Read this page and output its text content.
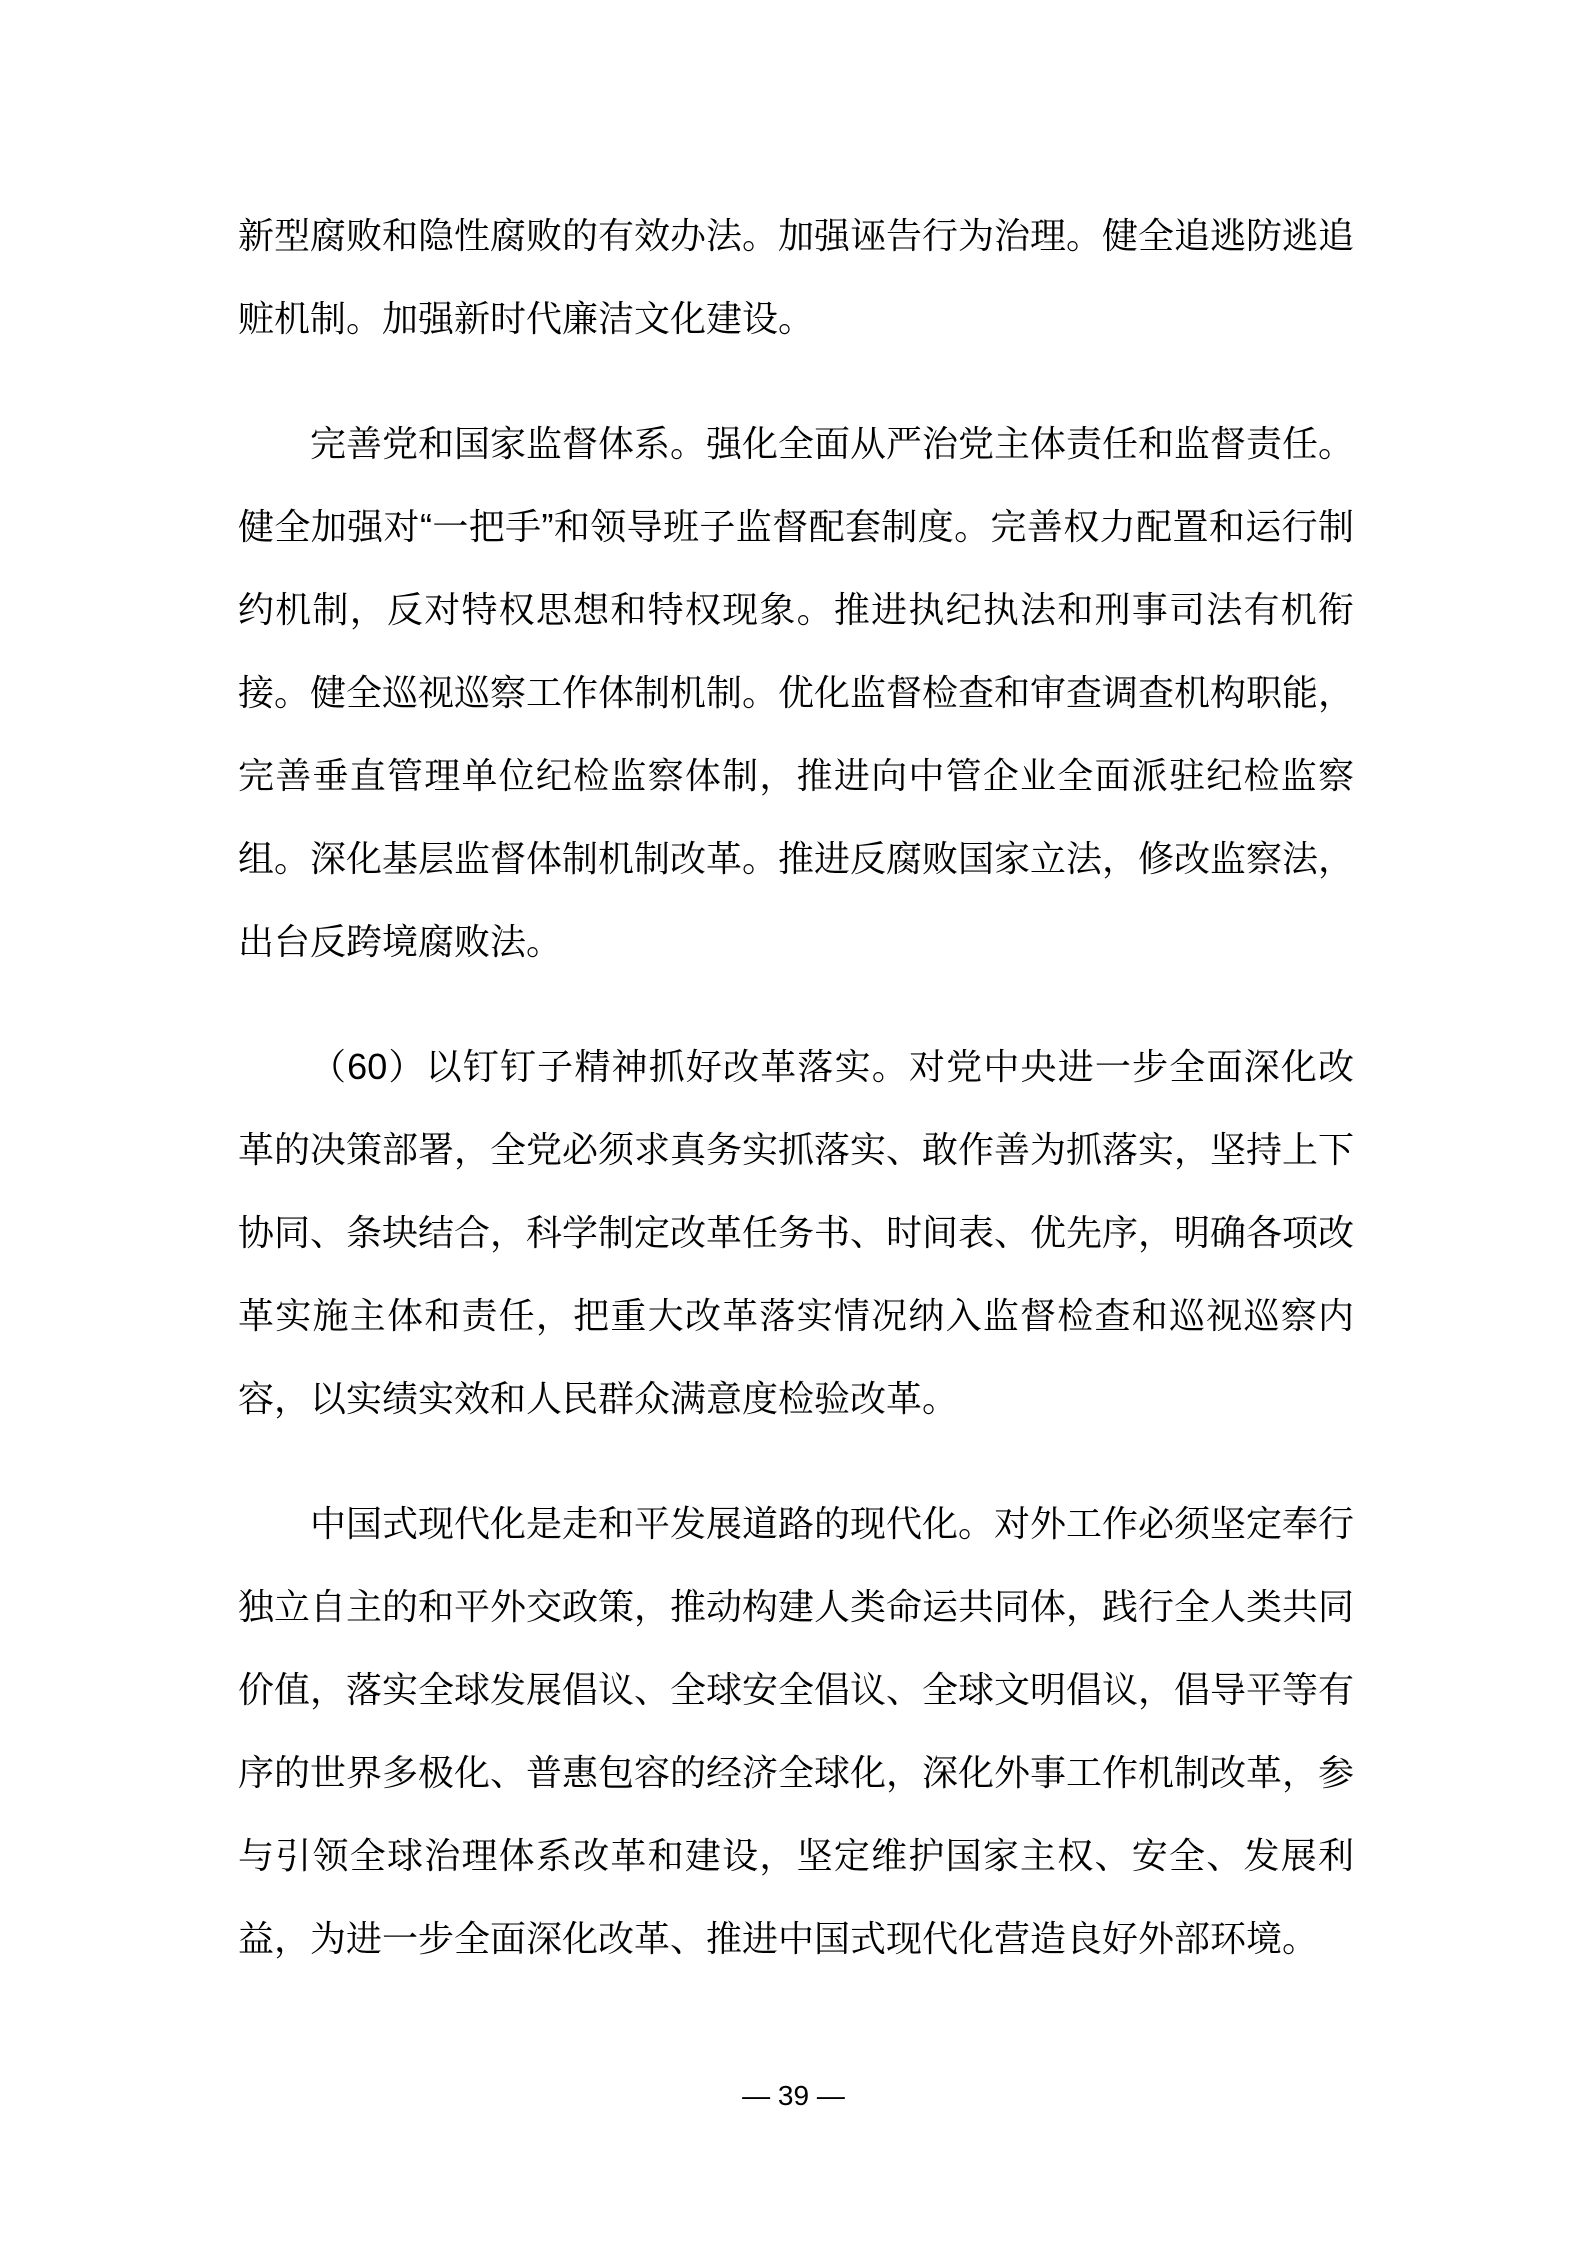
新型腐败和隐性腐败的有效办法。加强诬告行为治理。健全追逃防逃追赃机制。加强新时代廉洁文化建设。

完善党和国家监督体系。强化全面从严治党主体责任和监督责任。健全加强对“一把手”和领导班子监督配套制度。完善权力配置和运行制约机制，反对特权思想和特权现象。推进执纪执法和刑事司法有机衔接。健全巡视巡察工作体制机制。优化监督检查和审查调查机构职能，完善垂直管理单位纪检监察体制，推进向中管企业全面派驻纪检监察组。深化基层监督体制机制改革。推进反腐败国家立法，修改监察法，出台反跨境腐败法。

（60）以钉钉子精神抓好改革落实。对党中央进一步全面深化改革的决策部署，全党必须求真务实抓落实、敢作善为抓落实，坚持上下协同、条块结合，科学制定改革任务书、时间表、优先序，明确各项改革实施主体和责任，把重大改革落实情况纳入监督检查和巡视巡察内容，以实绩实效和人民群众满意度检验改革。

中国式现代化是走和平发展道路的现代化。对外工作必须坚定奉行独立自主的和平外交政策，推动构建人类命运共同体，践行全人类共同价值，落实全球发展倡议、全球安全倡议、全球文明倡议，倡导平等有序的世界多极化、普惠包容的经济全球化，深化外事工作机制改革，参与引领全球治理体系改革和建设，坚定维护国家主权、安全、发展利益，为进一步全面深化改革、推进中国式现代化营造良好外部环境。

— 39 —
